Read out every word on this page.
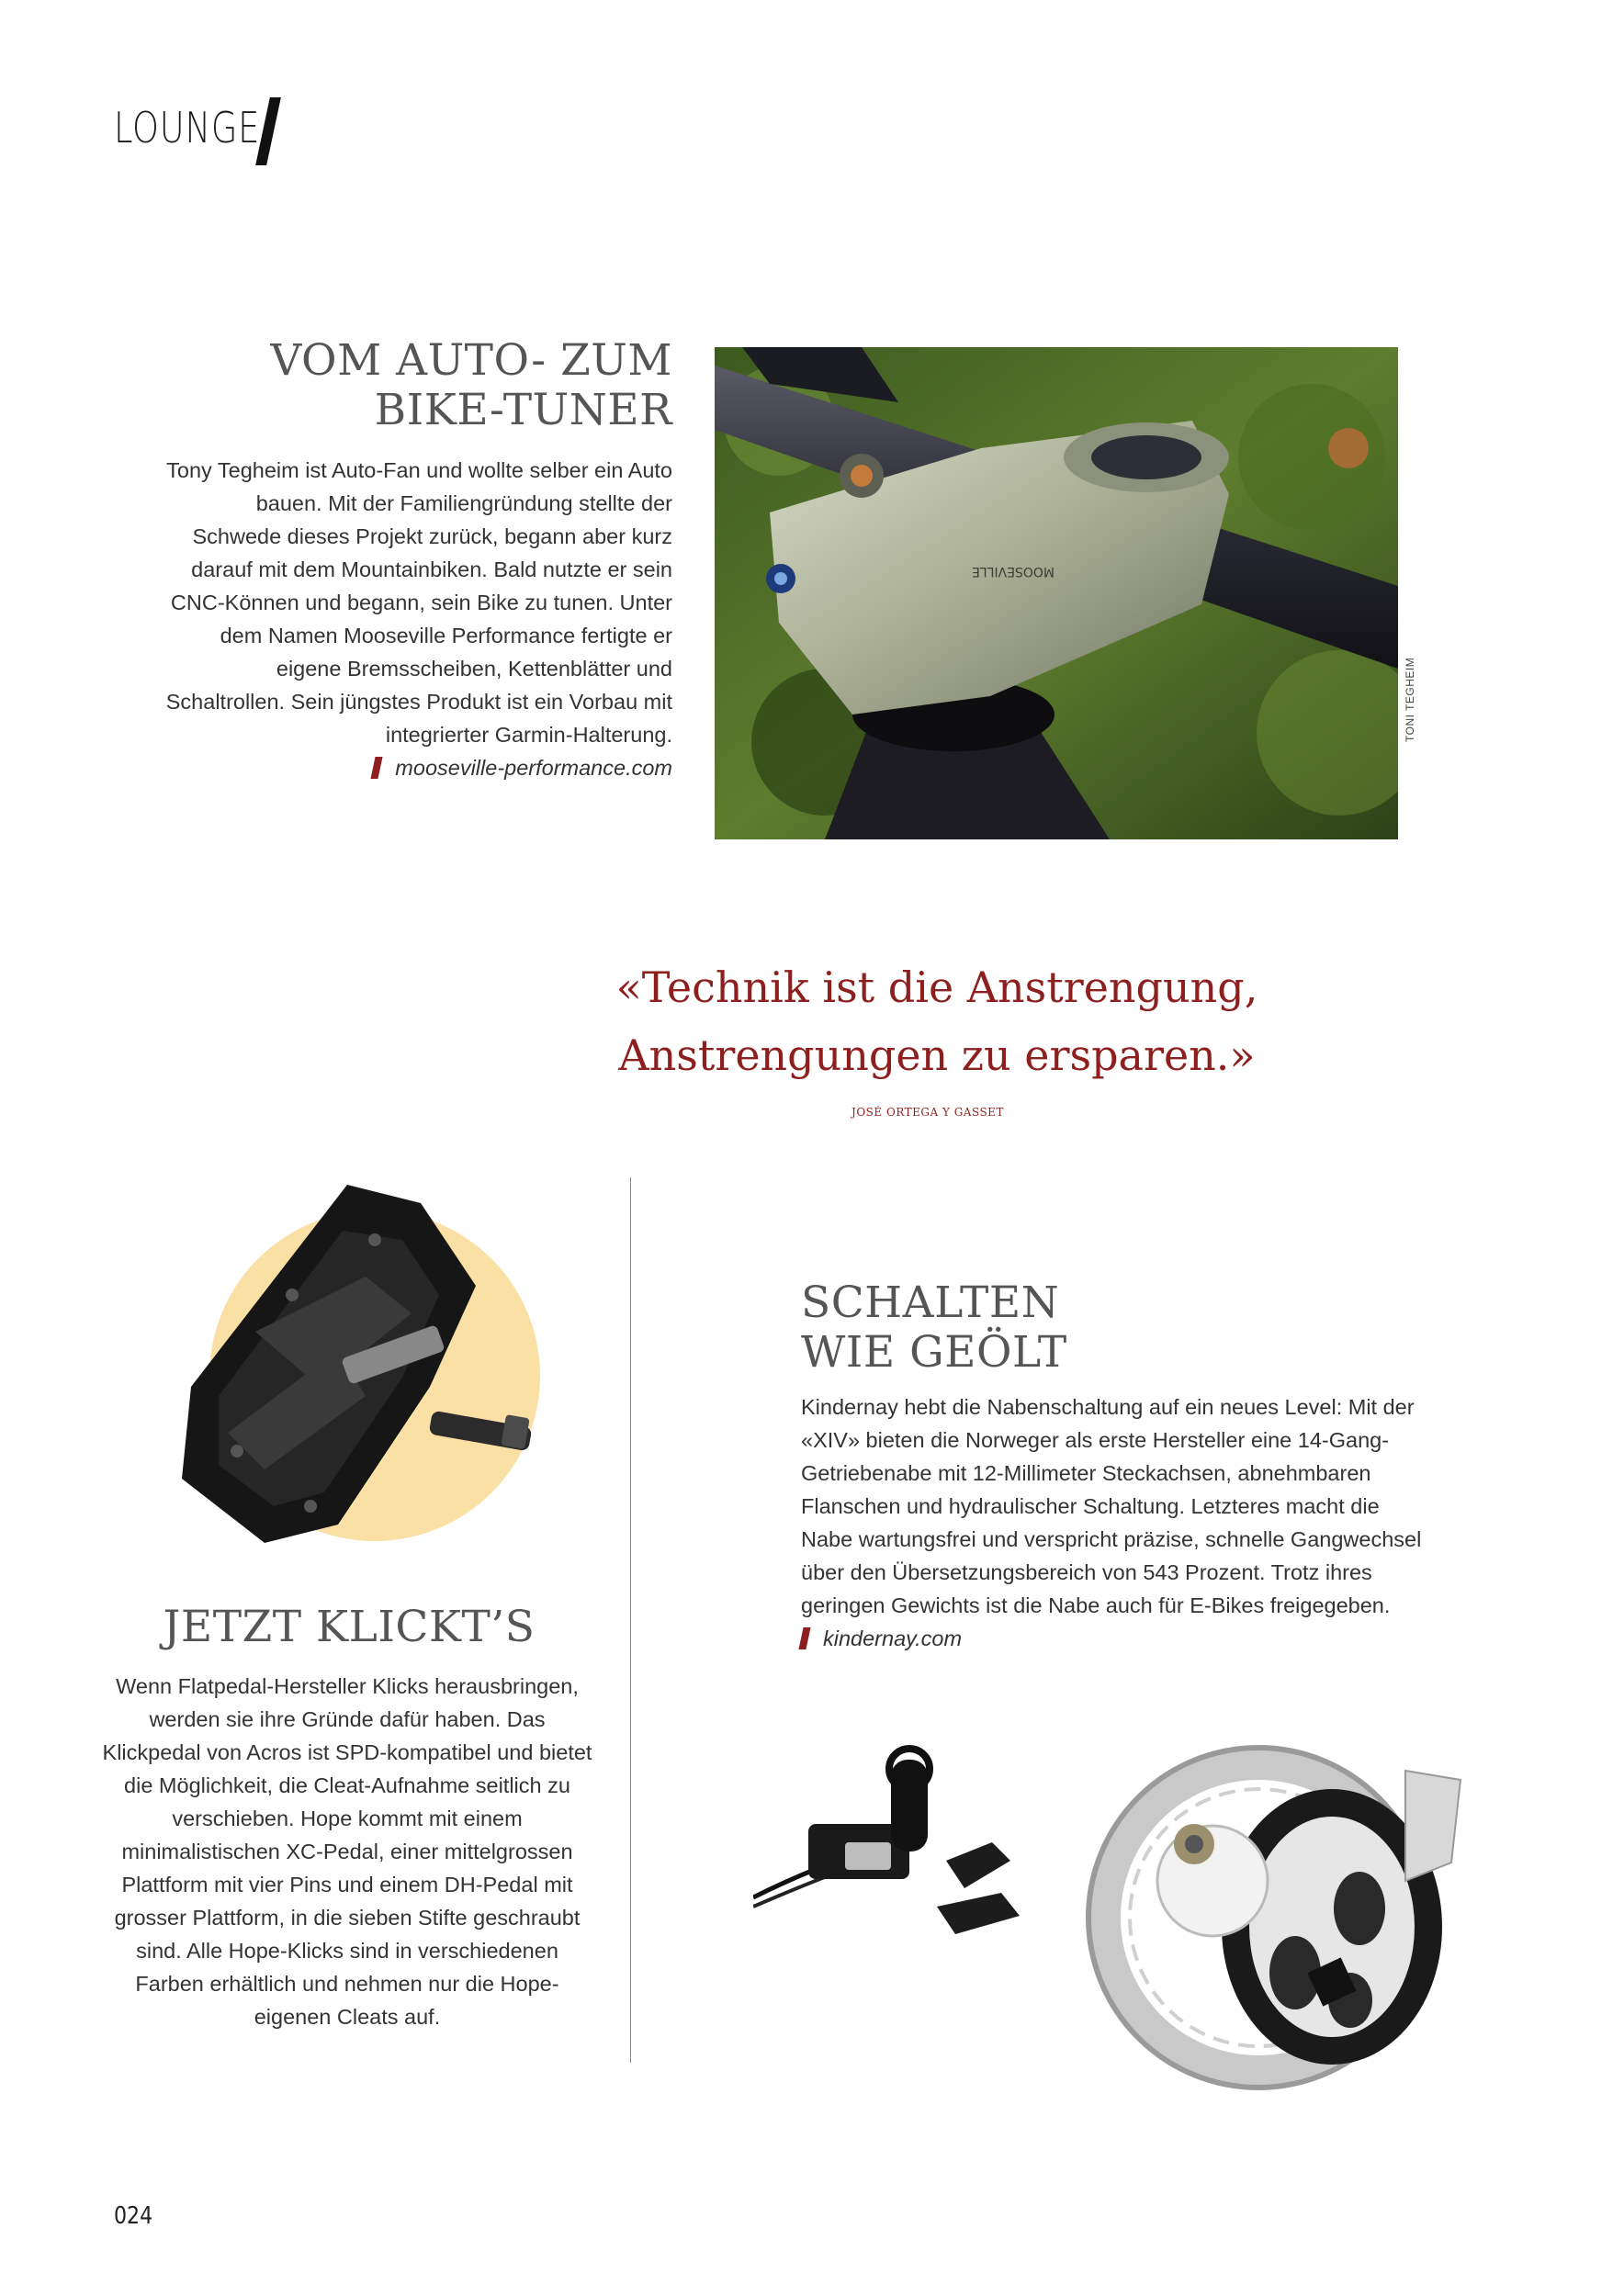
LOUNGE
VOM AUTO- ZUM
BIKE-TUNER
Tony Tegheim ist Auto-Fan und wollte selber ein Auto bauen. Mit der Familiengründung stellte der Schwede dieses Projekt zurück, begann aber kurz darauf mit dem Mountainbiken. Bald nutzte er sein CNC-Können und begann, sein Bike zu tunen. Unter dem Namen Mooseville Performance fertigte er eigene Bremsscheiben, Kettenblätter und Schaltrollen. Sein jüngstes Produkt ist ein Vorbau mit integrierter Garmin-Halterung.
mooseville-performance.com
MOOSEVILLE
TONI TEGHEIM
«Technik ist die Anstrengung,
Anstrengungen zu ersparen.»
JOSÉ ORTEGA Y GASSET
JETZT KLICKT’S
Wenn Flatpedal-Hersteller Klicks herausbringen, werden sie ihre Gründe dafür haben. Das Klickpedal von Acros ist SPD-kompatibel und bietet die Möglichkeit, die Cleat-Aufnahme seitlich zu verschieben. Hope kommt mit einem minimalistischen XC-Pedal, einer mittelgrossen Plattform mit vier Pins und einem DH-Pedal mit grosser Plattform, in die sieben Stifte geschraubt sind. Alle Hope-Klicks sind in verschiedenen Farben erhältlich und nehmen nur die Hope-eigenen Cleats auf.
SCHALTEN
WIE GEÖLT
Kindernay hebt die Nabenschaltung auf ein neues Level: Mit der «XIV» bieten die Norweger als erste Hersteller eine 14-Gang-Getriebenabe mit 12-Millimeter Steckachsen, abnehmbaren Flanschen und hydraulischer Schaltung. Letzteres macht die Nabe wartungsfrei und verspricht präzise, schnelle Gangwechsel über den Übersetzungsbereich von 543 Prozent. Trotz ihres geringen Gewichts ist die Nabe auch für E-Bikes freigegeben.
kindernay.com
024
